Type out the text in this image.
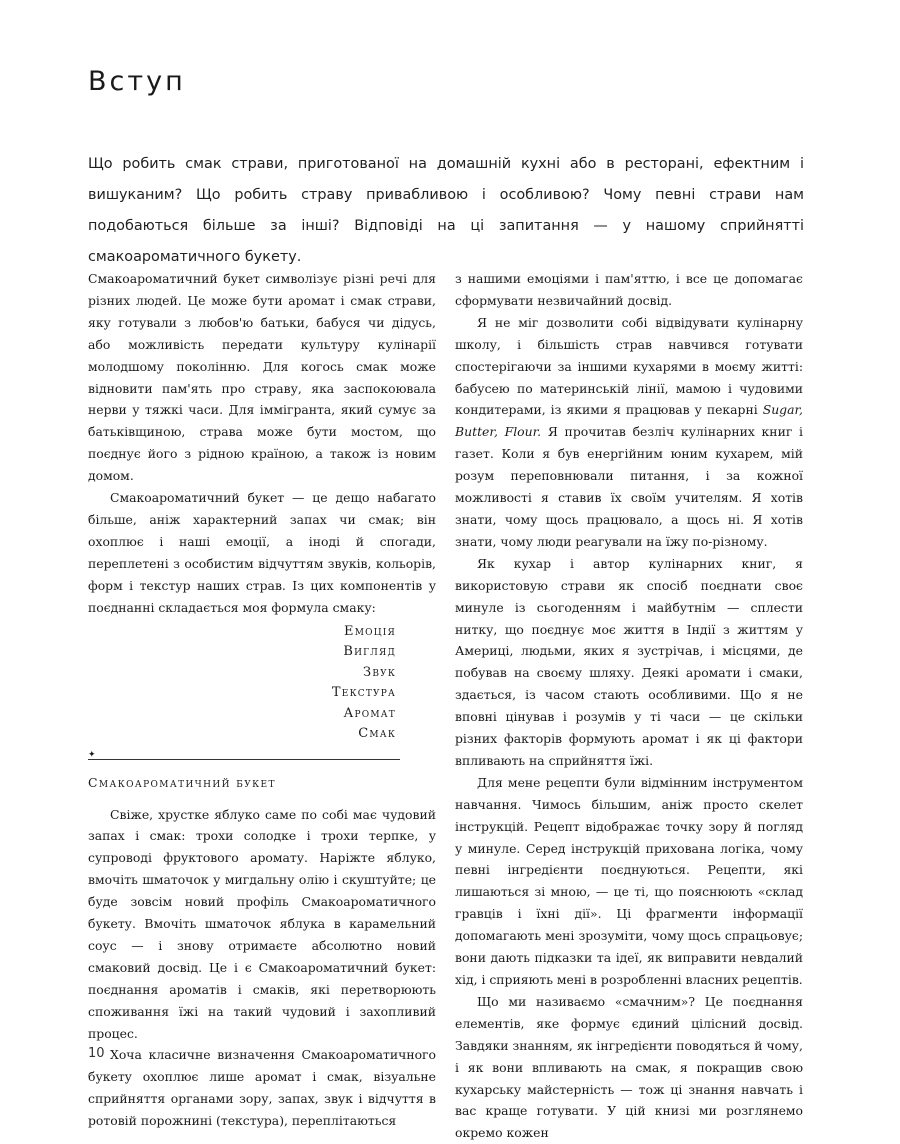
Вступ

Що робить смак страви, приготованої на домашній кухні або в ресторані, ефектним і вишуканим? Що робить страву привабливою і особливою? Чому певні страви нам подобаються більше за інші? Відповіді на ці запитання — у нашому сприйнятті смакоароматичного букету.

Смакоароматичний букет символізує різні речі для різних людей. Це може бути аромат і смак страви, яку готували з любов'ю батьки, бабуся чи дідусь, або можливість передати культуру кулінарії молодшому поколінню. Для когось смак може відновити пам'ять про страву, яка заспокоювала нерви у тяжкі часи. Для іммігранта, який сумує за батьківщиною, страва може бути мостом, що поєднує його з рідною країною, а також із новим домом.

Смакоароматичний букет — це дещо набагато більше, аніж характерний запах чи смак; він охоплює і наші емоції, а іноді й спогади, переплетені з особистим відчуттям звуків, кольорів, форм і текстур наших страв. Із цих компонентів у поєднанні складається моя формула смаку:

Емоція
Вигляд
Звук
Текстура
Аромат
Смак
✦
Смакоароматичний букет

Свіже, хрустке яблуко саме по собі має чудовий запах і смак: трохи солодке і трохи терпке, у супроводі фруктового аромату. Наріжте яблуко, вмочіть шматочок у мигдальну олію і скуштуйте; це буде зовсім новий профіль Смакоароматичного букету. Вмочіть шматочок яблука в карамельний соус — і знову отримаєте абсолютно новий смаковий досвід. Це і є Смакоароматичний букет: поєднання ароматів і смаків, які перетворюють споживання їжі на такий чудовий і захопливий процес.

Хоча класичне визначення Смакоароматичного букету охоплює лише аромат і смак, візуальне сприйняття органами зору, запах, звук і відчуття в ротовій порожнині (текстура), переплітаються

з нашими емоціями і пам'яттю, і все це допомагає сформувати незвичайний досвід.

Я не міг дозволити собі відвідувати кулінарну школу, і більшість страв навчився готувати спостерігаючи за іншими кухарями в моєму житті: бабусею по материнській лінії, мамою і чудовими кондитерами, із якими я працював у пекарні Sugar, Butter, Flour. Я прочитав безліч кулінарних книг і газет. Коли я був енергійним юним кухарем, мій розум переповнювали питання, і за кожної можливості я ставив їх своїм учителям. Я хотів знати, чому щось працювало, а щось ні. Я хотів знати, чому люди реагували на їжу по-різному.

Як кухар і автор кулінарних книг, я використовую страви як спосіб поєднати своє минуле із сьогоденням і майбутнім — сплести нитку, що поєднує моє життя в Індії з життям у Америці, людьми, яких я зустрічав, і місцями, де побував на своєму шляху. Деякі аромати і смаки, здається, із часом стають особливими. Що я не вповні цінував і розумів у ті часи — це скільки різних факторів формують аромат і як ці фактори впливають на сприйняття їжі.

Для мене рецепти були відмінним інструментом навчання. Чимось більшим, аніж просто скелет інструкцій. Рецепт відображає точку зору й погляд у минуле. Серед інструкцій прихована логіка, чому певні інгредієнти поєднуються. Рецепти, які лишаються зі мною, — це ті, що пояснюють «склад гравців і їхні дії». Ці фрагменти інформації допомагають мені зрозуміти, чому щось спрацьовує; вони дають підказки та ідеї, як виправити невдалий хід, і сприяють мені в розробленні власних рецептів.

Що ми називаємо «смачним»? Це поєднання елементів, яке формує єдиний цілісний досвід. Завдяки знанням, як інгредієнти поводяться й чому, і як вони впливають на смак, я покращив свою кухарську майстерність — тож ці знання навчать і вас краще готувати. У цій книзі ми розглянемо окремо кожен

10
